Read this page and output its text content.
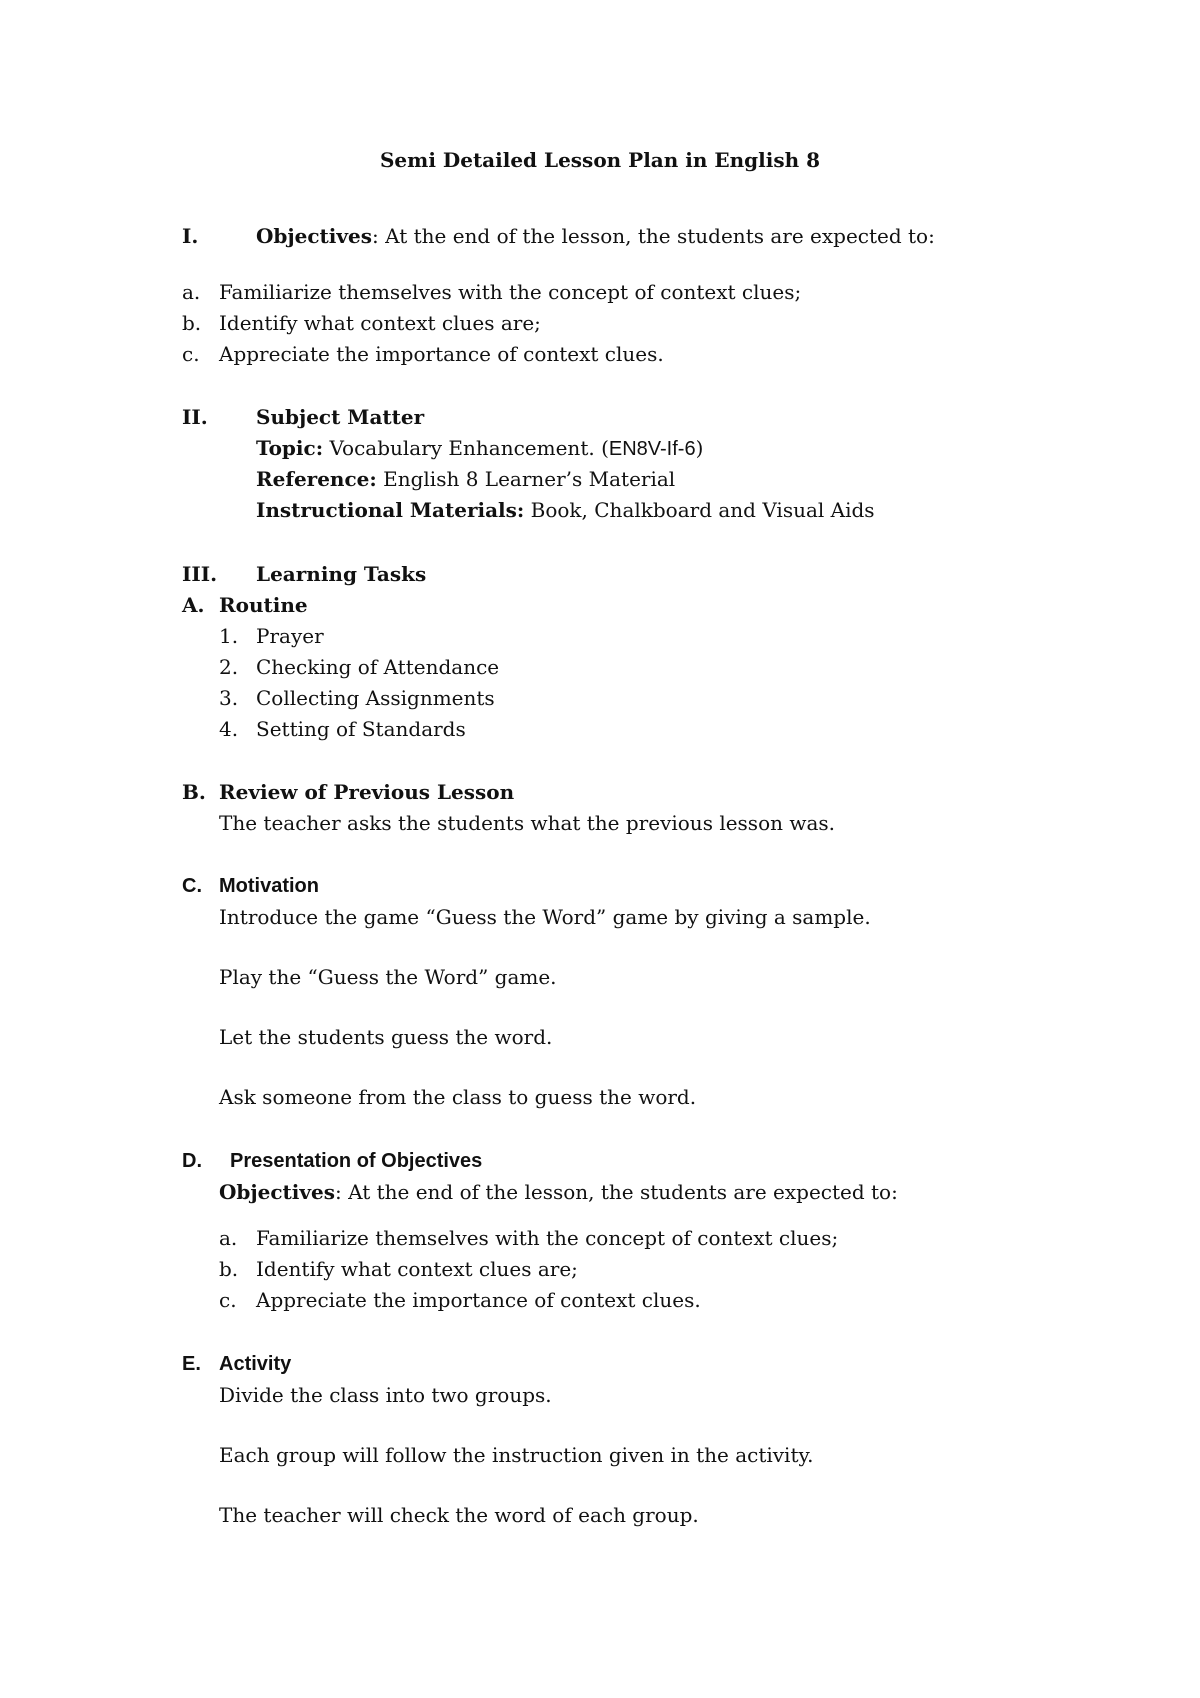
Semi Detailed Lesson Plan in English 8
I.	Objectives: At the end of the lesson, the students are expected to:
a. Familiarize themselves with the concept of context clues;
b. Identify what context clues are;
c. Appreciate the importance of context clues.
II. Subject Matter
Topic: Vocabulary Enhancement. (EN8V-If-6)
Reference: English 8 Learner’s Material
Instructional Materials: Book, Chalkboard and Visual Aids
III. Learning Tasks
A. Routine
1. Prayer
2. Checking of Attendance
3. Collecting Assignments
4. Setting of Standards
B. Review of Previous Lesson
The teacher asks the students what the previous lesson was.
C. Motivation
Introduce the game “Guess the Word” game by giving a sample.
Play the “Guess the Word” game.
Let the students guess the word.
Ask someone from the class to guess the word.
D. Presentation of Objectives
Objectives: At the end of the lesson, the students are expected to:
a. Familiarize themselves with the concept of context clues;
b. Identify what context clues are;
c. Appreciate the importance of context clues.
E. Activity
Divide the class into two groups.
Each group will follow the instruction given in the activity.
The teacher will check the word of each group.
